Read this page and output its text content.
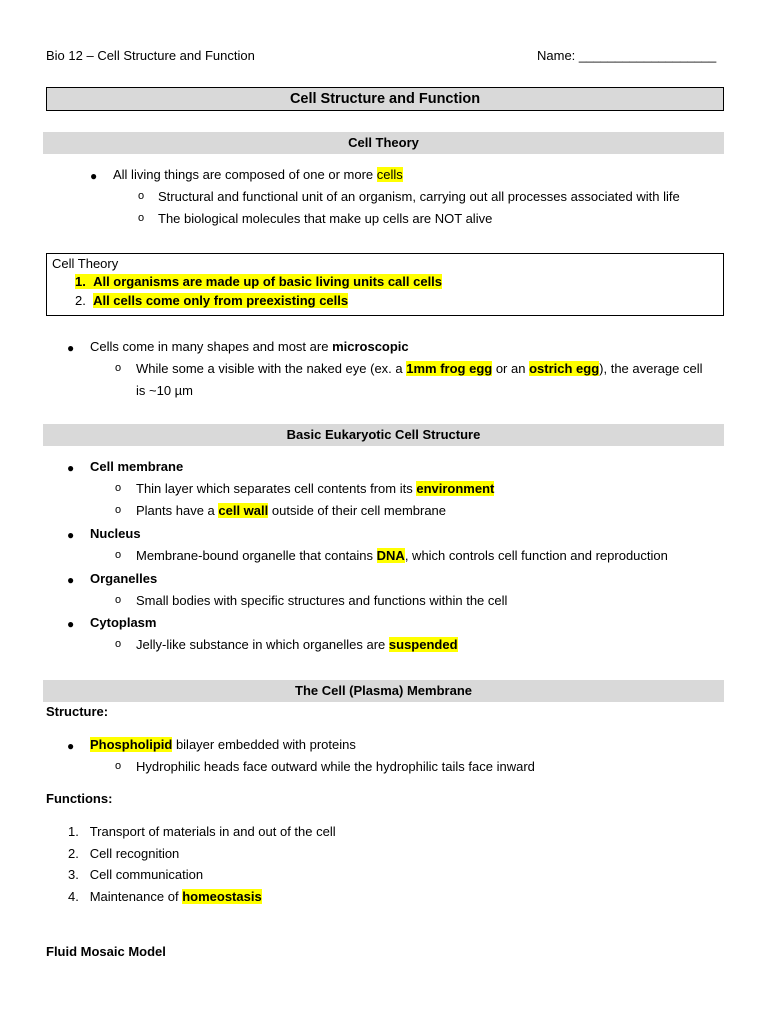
Bio 12 – Cell Structure and Function	Name: ___________________
Cell Structure and Function
Cell Theory
● All living things are composed of one or more cells
o Structural and functional unit of an organism, carrying out all processes associated with life
o The biological molecules that make up cells are NOT alive
Cell Theory
1. All organisms are made up of basic living units call cells
2. All cells come only from preexisting cells
● Cells come in many shapes and most are microscopic
o While some a visible with the naked eye (ex. a 1mm frog egg or an ostrich egg), the average cell
is ~10 µm
Basic Eukaryotic Cell Structure
● Cell membrane
o Thin layer which separates cell contents from its environment
o Plants have a cell wall outside of their cell membrane
● Nucleus
o Membrane-bound organelle that contains DNA, which controls cell function and reproduction
● Organelles
o Small bodies with specific structures and functions within the cell
● Cytoplasm
o Jelly-like substance in which organelles are suspended
The Cell (Plasma) Membrane
Structure:
● Phospholipid bilayer embedded with proteins
o Hydrophilic heads face outward while the hydrophilic tails face inward
Functions:
1. Transport of materials in and out of the cell
2. Cell recognition
3. Cell communication
4. Maintenance of homeostasis
Fluid Mosaic Model
